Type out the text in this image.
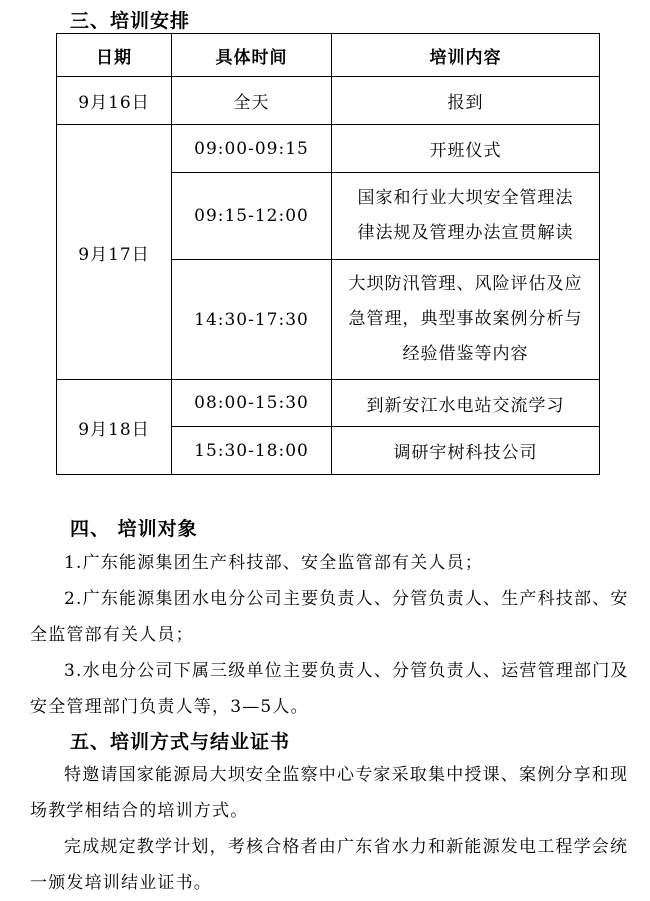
三、培训安排
日期	具体时间	培训内容
9月16日	全天	报到
9月17日	09:00-09:15	开班仪式
	09:15-12:00	国家和行业大坝安全管理法
律法规及管理办法宣贯解读

	14:30-17:30	大坝防汛管理、风险评估及应
急管理，典型事故案例分析与
经验借鉴等内容

9月18日	08:00-15:30	到新安江水电站交流学习
	15:30-18:00	调研宇树科技公司
四、 培训对象

1.广东能源集团生产科技部、安全监管部有关人员；

2.广东能源集团水电分公司主要负责人、分管负责人、生产科技部、安全监管部有关人员；

3.水电分公司下属三级单位主要负责人、分管负责人、运营管理部门及安全管理部门负责人等，3—5人。

五、培训方式与结业证书

特邀请国家能源局大坝安全监察中心专家采取集中授课、案例分享和现场教学相结合的培训方式。

完成规定教学计划，考核合格者由广东省水力和新能源发电工程学会统一颁发培训结业证书。
